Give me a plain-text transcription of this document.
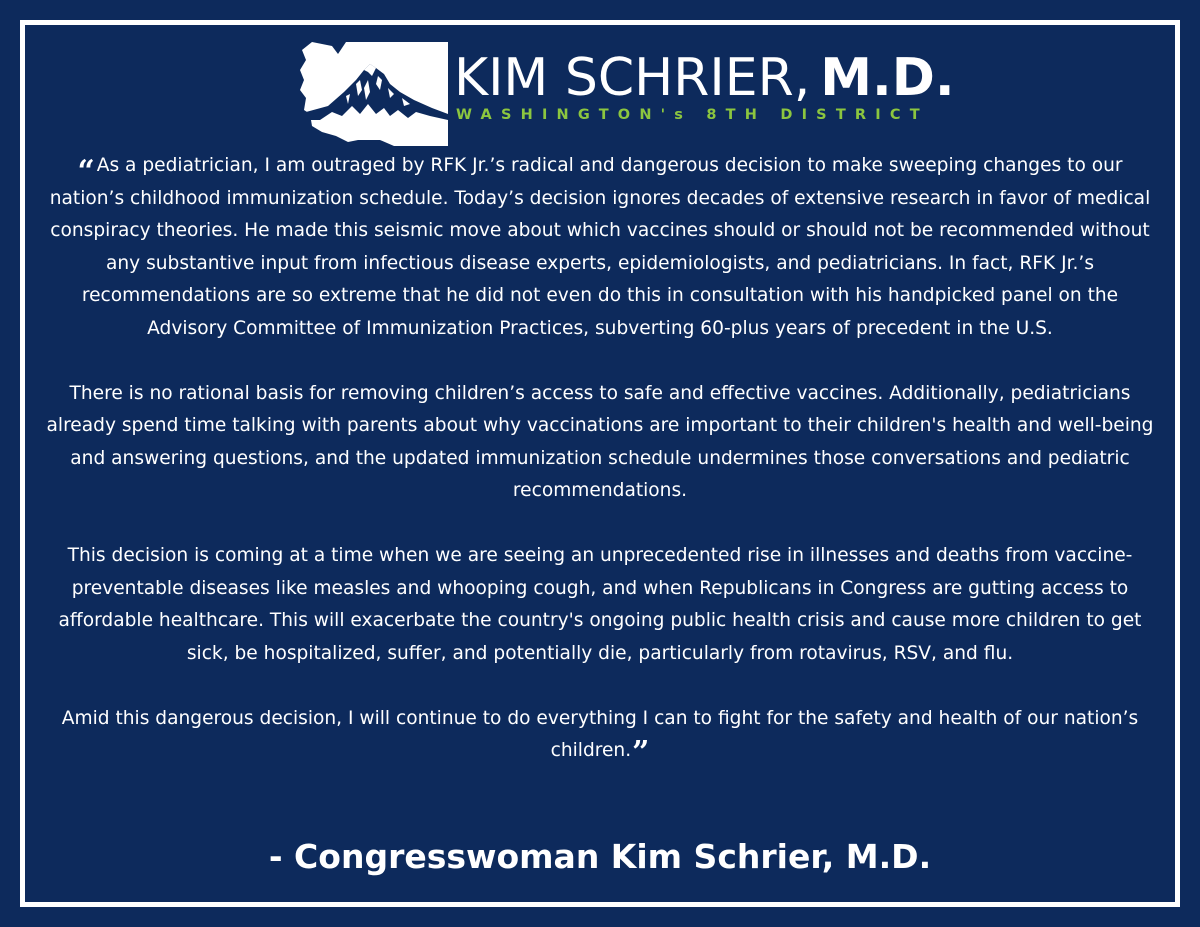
KIM SCHRIER, M.D.
WASHINGTON's 8TH DISTRICT

“ As a pediatrician, I am outraged by RFK Jr.’s radical and dangerous decision to make sweeping changes to our nation’s childhood immunization schedule. Today’s decision ignores decades of extensive research in favor of medical conspiracy theories. He made this seismic move about which vaccines should or should not be recommended without any substantive input from infectious disease experts, epidemiologists, and pediatricians. In fact, RFK Jr.’s recommendations are so extreme that he did not even do this in consultation with his handpicked panel on the Advisory Committee of Immunization Practices, subverting 60-plus years of precedent in the U.S.

There is no rational basis for removing children’s access to safe and effective vaccines. Additionally, pediatricians already spend time talking with parents about why vaccinations are important to their children's health and well-being and answering questions, and the updated immunization schedule undermines those conversations and pediatric recommendations.

This decision is coming at a time when we are seeing an unprecedented rise in illnesses and deaths from vaccine-preventable diseases like measles and whooping cough, and when Republicans in Congress are gutting access to affordable healthcare. This will exacerbate the country's ongoing public health crisis and cause more children to get sick, be hospitalized, suffer, and potentially die, particularly from rotavirus, RSV, and flu.

Amid this dangerous decision, I will continue to do everything I can to fight for the safety and health of our nation’s children.”

- Congresswoman Kim Schrier, M.D.
